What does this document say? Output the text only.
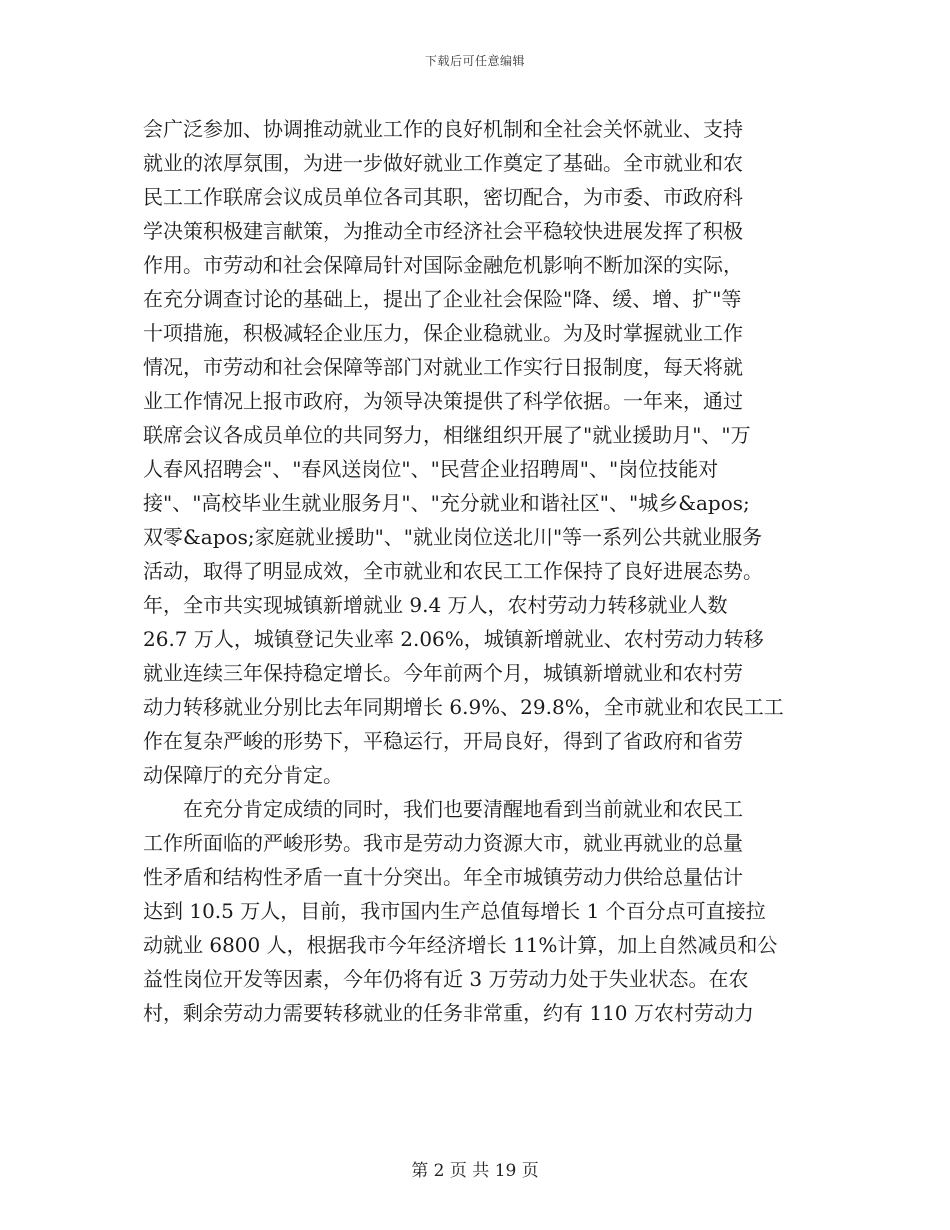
下载后可任意编辑
会广泛参加、协调推动就业工作的良好机制和全社会关怀就业、支持
就业的浓厚氛围，为进一步做好就业工作奠定了基础。全市就业和农
民工工作联席会议成员单位各司其职，密切配合，为市委、市政府科
学决策积极建言献策，为推动全市经济社会平稳较快进展发挥了积极
作用。市劳动和社会保障局针对国际金融危机影响不断加深的实际，
在充分调查讨论的基础上，提出了企业社会保险"降、缓、增、扩"等
十项措施，积极减轻企业压力，保企业稳就业。为及时掌握就业工作
情况，市劳动和社会保障等部门对就业工作实行日报制度，每天将就
业工作情况上报市政府，为领导决策提供了科学依据。一年来，通过
联席会议各成员单位的共同努力，相继组织开展了"就业援助月"、"万
人春风招聘会"、"春风送岗位"、"民营企业招聘周"、"岗位技能对
接"、"高校毕业生就业服务月"、"充分就业和谐社区"、"城乡&apos;
双零&apos;家庭就业援助"、"就业岗位送北川"等一系列公共就业服务
活动，取得了明显成效，全市就业和农民工工作保持了良好进展态势。
年，全市共实现城镇新增就业 9.4 万人，农村劳动力转移就业人数
26.7 万人，城镇登记失业率 2.06%，城镇新增就业、农村劳动力转移
就业连续三年保持稳定增长。今年前两个月，城镇新增就业和农村劳
动力转移就业分别比去年同期增长 6.9%、29.8%，全市就业和农民工工
作在复杂严峻的形势下，平稳运行，开局良好，得到了省政府和省劳
动保障厅的充分肯定。
在充分肯定成绩的同时，我们也要清醒地看到当前就业和农民工
工作所面临的严峻形势。我市是劳动力资源大市，就业再就业的总量
性矛盾和结构性矛盾一直十分突出。年全市城镇劳动力供给总量估计
达到 10.5 万人，目前，我市国内生产总值每增长 1 个百分点可直接拉
动就业 6800 人，根据我市今年经济增长 11%计算，加上自然减员和公
益性岗位开发等因素，今年仍将有近 3 万劳动力处于失业状态。在农
村，剩余劳动力需要转移就业的任务非常重，约有 110 万农村劳动力
第 2 页 共 19 页
